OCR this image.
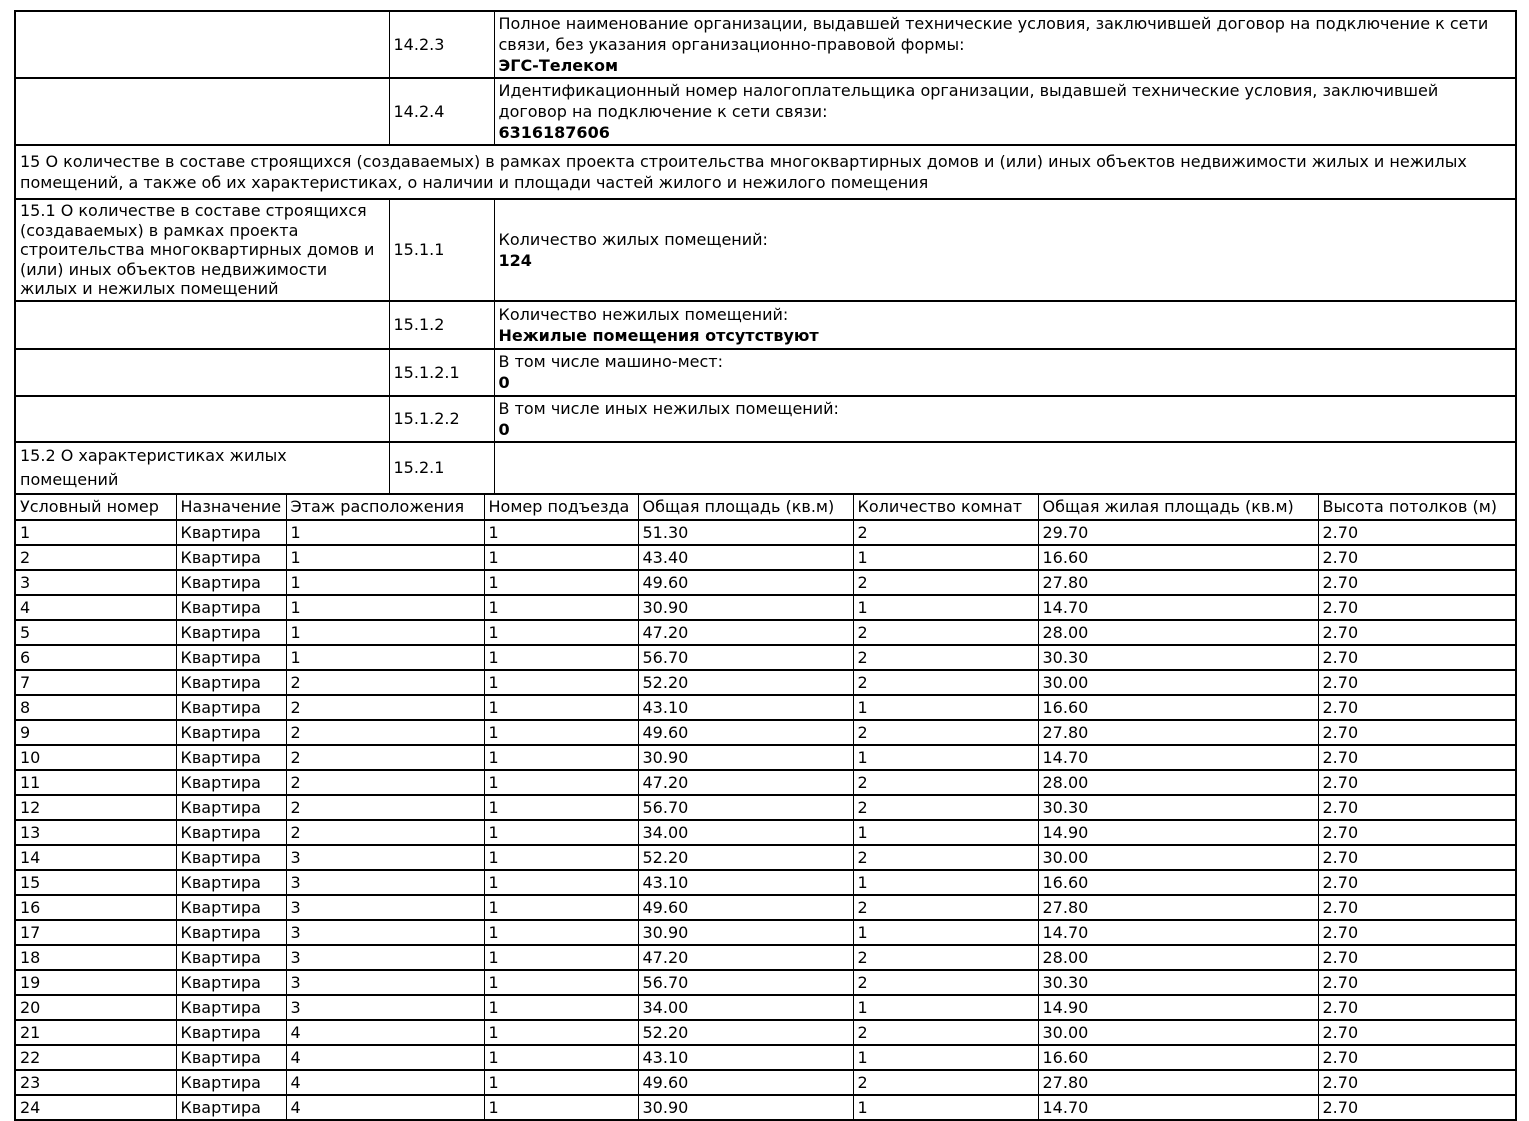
	14.2.3	Полное наименование организации, выдавшей технические условия, заключившей договор на подключение к сети связи, без указания организационно-правовой формы:
ЭГС-Телеком

	14.2.4	Идентификационный номер налогоплательщика организации, выдавшей технические условия, заключившей договор на подключение к сети связи:
6316187606

15 О количестве в составе строящихся (создаваемых) в рамках проекта строительства многоквартирных домов и (или) иных объектов недвижимости жилых и нежилых помещений, а также об их характеристиках, о наличии и площади частей жилого и нежилого помещения		
15.1 О количестве в составе строящихся (создаваемых) в рамках проекта строительства многоквартирных домов и (или) иных объектов недвижимости жилых и нежилых помещений	15.1.1	Количество жилых помещений:
124

	15.1.2	Количество нежилых помещений:
Нежилые помещения отсутствуют

	15.1.2.1	В том числе машино-мест:
0

	15.1.2.2	В том числе иных нежилых помещений:
0

15.2 О характеристиках жилых помещений	15.2.1	
Условный номер	Назначение	Этаж расположения	Номер подъезда	Общая площадь (кв.м)	Количество комнат	Общая жилая площадь (кв.м)	Высота потолков (м)
1	Квартира	1	1	51.30	2	29.70	2.70
2	Квартира	1	1	43.40	1	16.60	2.70
3	Квартира	1	1	49.60	2	27.80	2.70
4	Квартира	1	1	30.90	1	14.70	2.70
5	Квартира	1	1	47.20	2	28.00	2.70
6	Квартира	1	1	56.70	2	30.30	2.70
7	Квартира	2	1	52.20	2	30.00	2.70
8	Квартира	2	1	43.10	1	16.60	2.70
9	Квартира	2	1	49.60	2	27.80	2.70
10	Квартира	2	1	30.90	1	14.70	2.70
11	Квартира	2	1	47.20	2	28.00	2.70
12	Квартира	2	1	56.70	2	30.30	2.70
13	Квартира	2	1	34.00	1	14.90	2.70
14	Квартира	3	1	52.20	2	30.00	2.70
15	Квартира	3	1	43.10	1	16.60	2.70
16	Квартира	3	1	49.60	2	27.80	2.70
17	Квартира	3	1	30.90	1	14.70	2.70
18	Квартира	3	1	47.20	2	28.00	2.70
19	Квартира	3	1	56.70	2	30.30	2.70
20	Квартира	3	1	34.00	1	14.90	2.70
21	Квартира	4	1	52.20	2	30.00	2.70
22	Квартира	4	1	43.10	1	16.60	2.70
23	Квартира	4	1	49.60	2	27.80	2.70
24	Квартира	4	1	30.90	1	14.70	2.70
